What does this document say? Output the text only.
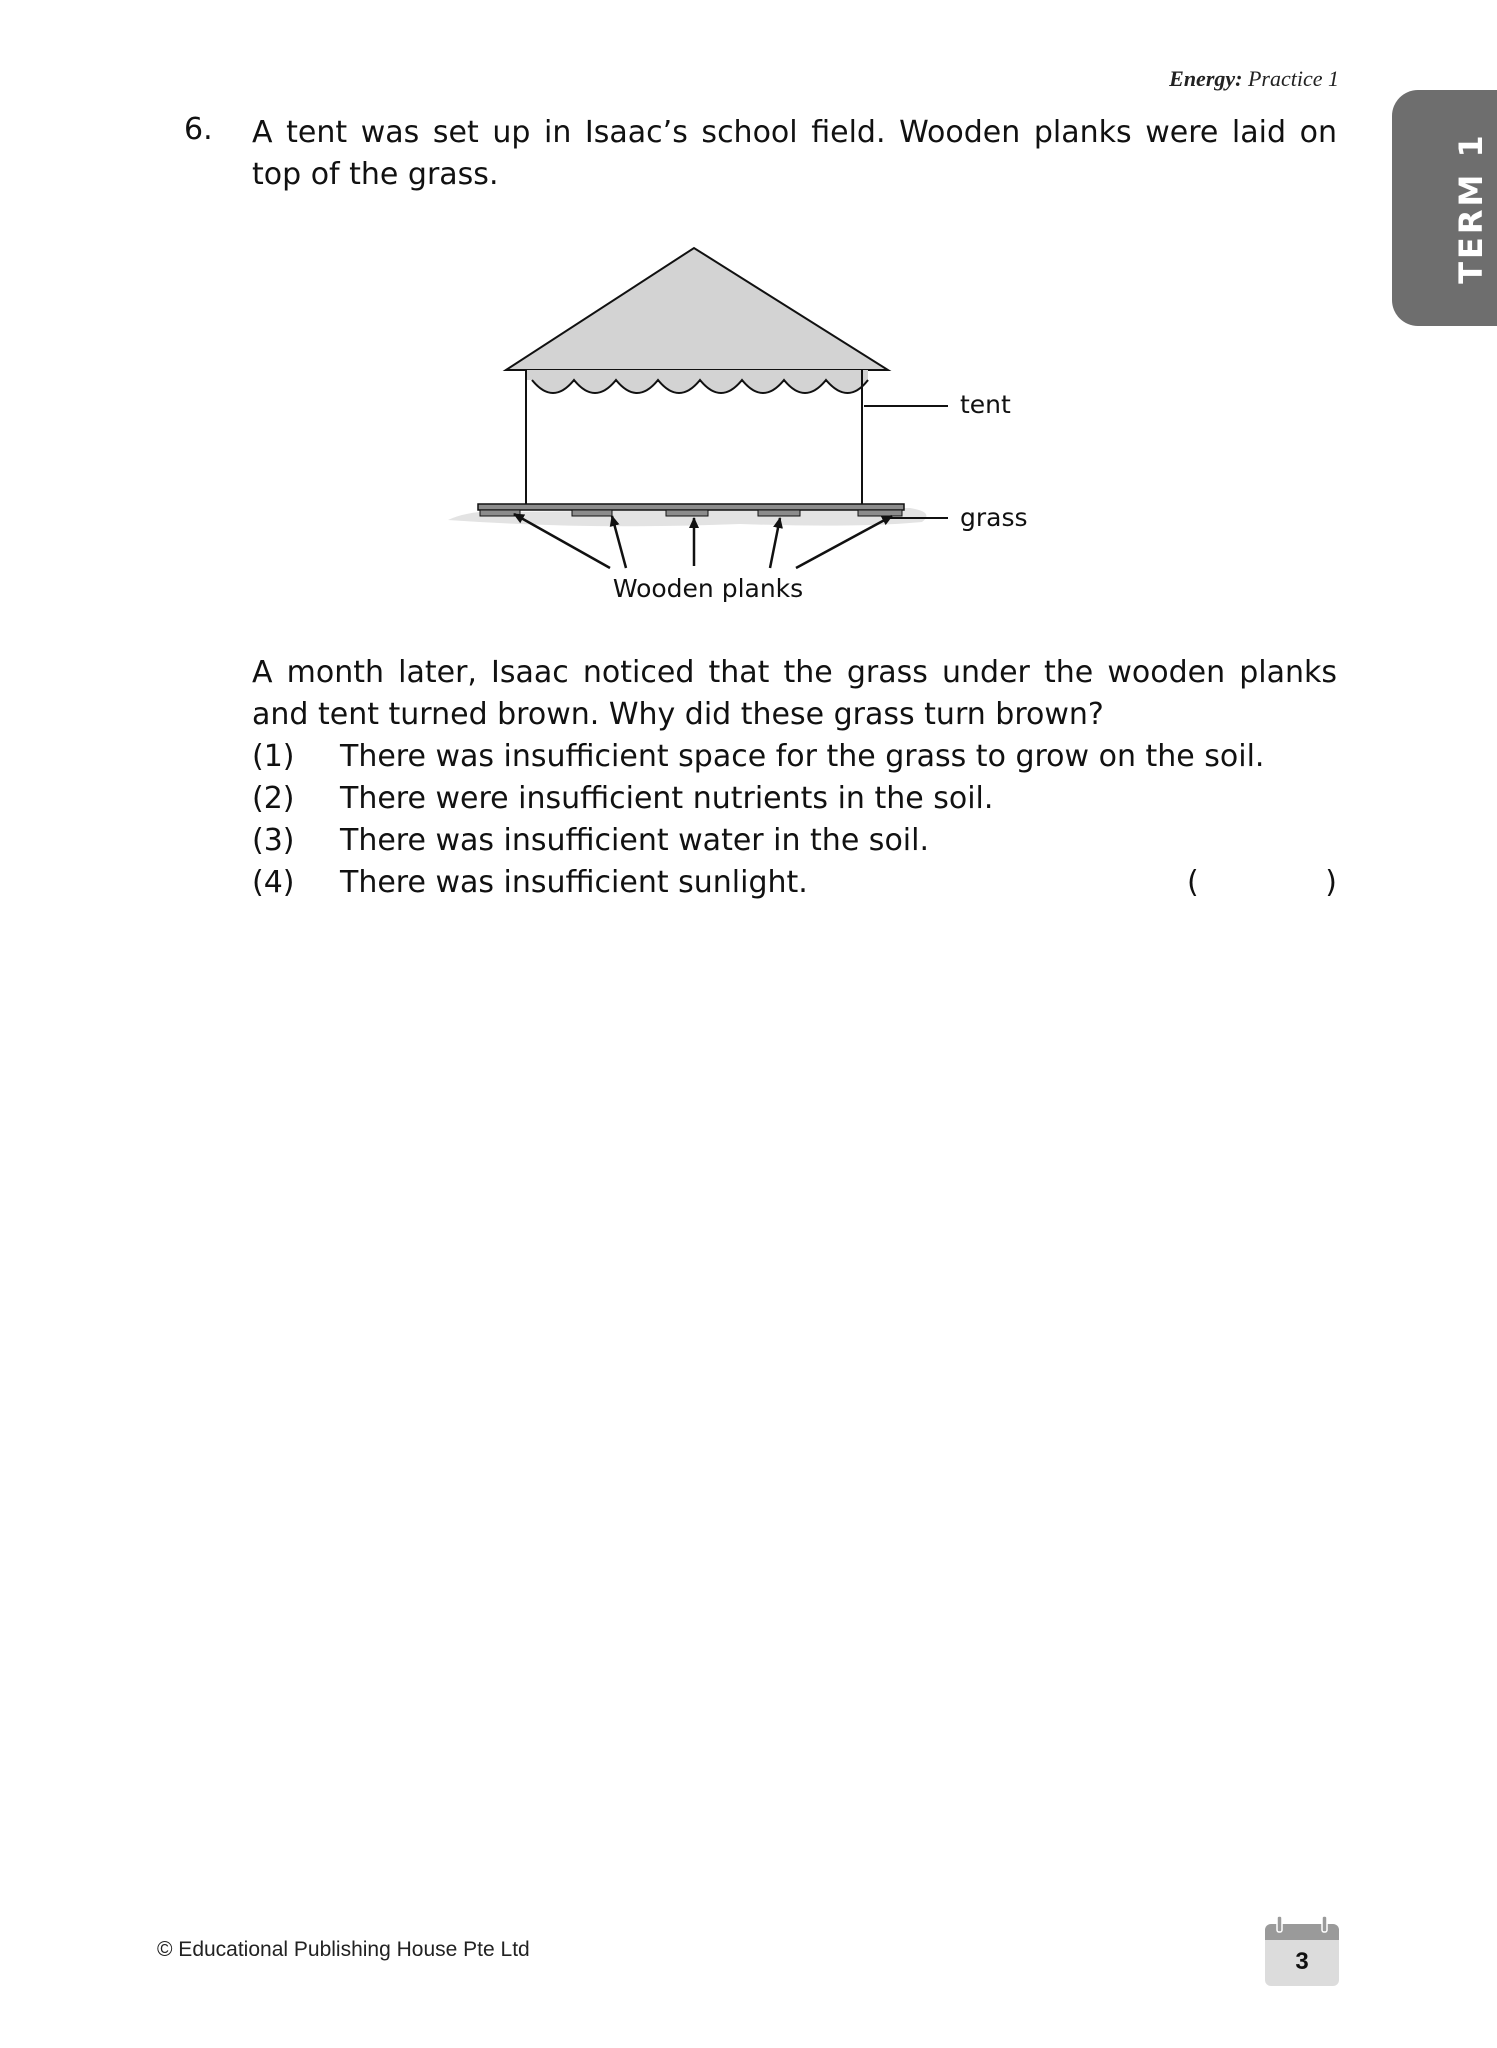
Energy: Practice 1
TERM 1
6. A tent was set up in Isaac’s school field. Wooden planks were laid on top of the grass.
tent
grass
Wooden planks
A month later, Isaac noticed that the grass under the wooden planks and tent turned brown. Why did these grass turn brown?
(1) There was insufficient space for the grass to grow on the soil.
(2) There were insufficient nutrients in the soil.
(3) There was insufficient water in the soil.
(4) There was insufficient sunlight.	(	)
© Educational Publishing House Pte Ltd	3
